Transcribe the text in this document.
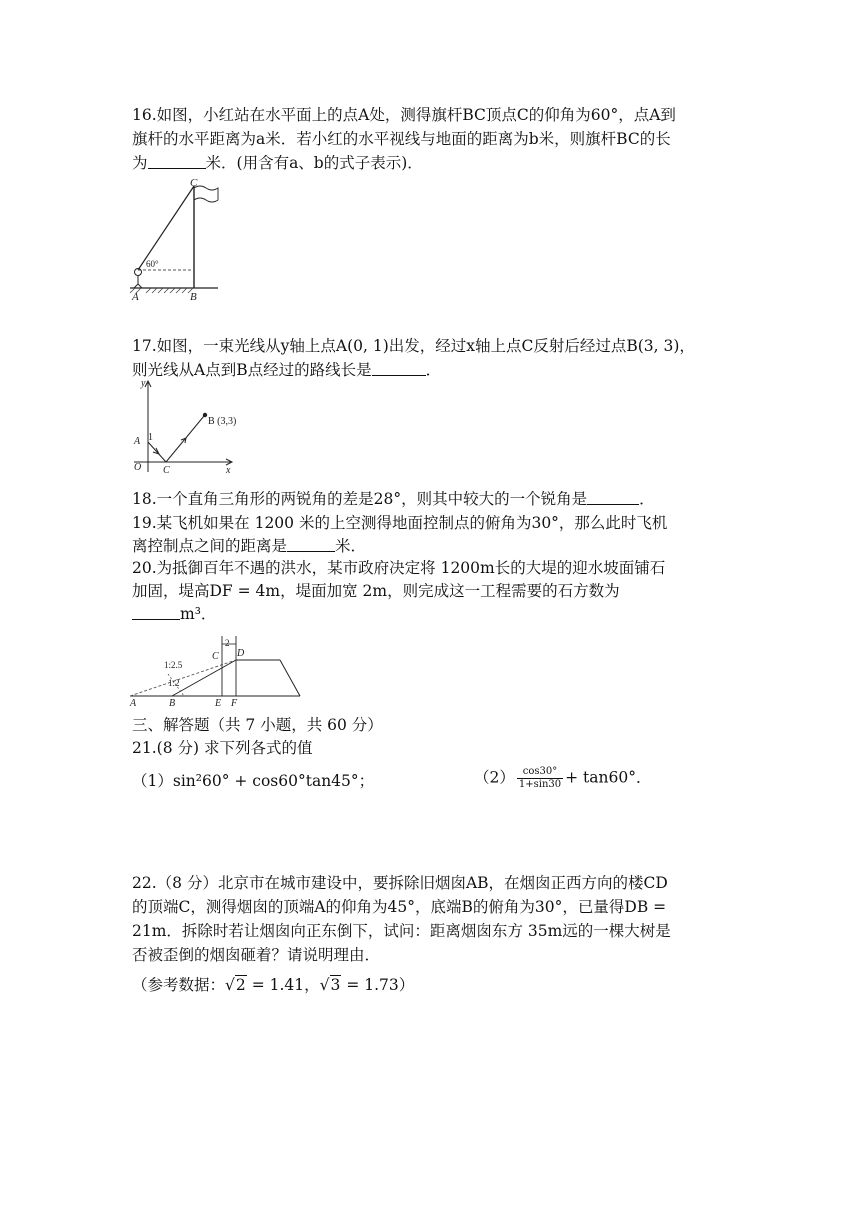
16.如图，小红站在水平面上的点A处，测得旗杆BC顶点C的仰角为60°，点A到
旗杆的水平距离为a米．若小红的水平视线与地面的距离为b米，则旗杆BC的长
为	米．(用含有a、b的式子表示)．
C
A	B
60°
17.如图，一束光线从y轴上点A(0, 1)出发，经过x轴上点C反射后经过点B(3, 3)，
则光线从A点到B点经过的路线长是	．
y
x
O
A
C
1
B (3,3)
18.一个直角三角形的两锐角的差是28°，则其中较大的一个锐角是	．
19.某飞机如果在 1200 米的上空测得地面控制点的俯角为30°，那么此时飞机
离控制点之间的距离是	米．
20.为抵御百年不遇的洪水，某市政府决定将 1200m长的大堤的迎水坡面铺石
加固，堤高DF = 4m，堤面加宽 2m，则完成这一工程需要的石方数为
m³．
2
C D
1:2.5
1:2
A	B	E F
三、解答题（共 7 小题，共 60 分）
21.(8 分) 求下列各式的值
（1）sin²60° + cos60°tan45°；	$(2) \frac{\cos 30^\circ}{1+\sin 30} + \tan 60^\circ$．
22.（8 分）北京市在城市建设中，要拆除旧烟囱AB，在烟囱正西方向的楼CD
的顶端C，测得烟囱的顶端A的仰角为45°，底端B的俯角为30°，已量得DB =
21m．拆除时若让烟囱向正东倒下，试问：距离烟囱东方 35m远的一棵大树是
否被歪倒的烟囱砸着？请说明理由．
（参考数据：√2 = 1.41，√3 = 1.73）
